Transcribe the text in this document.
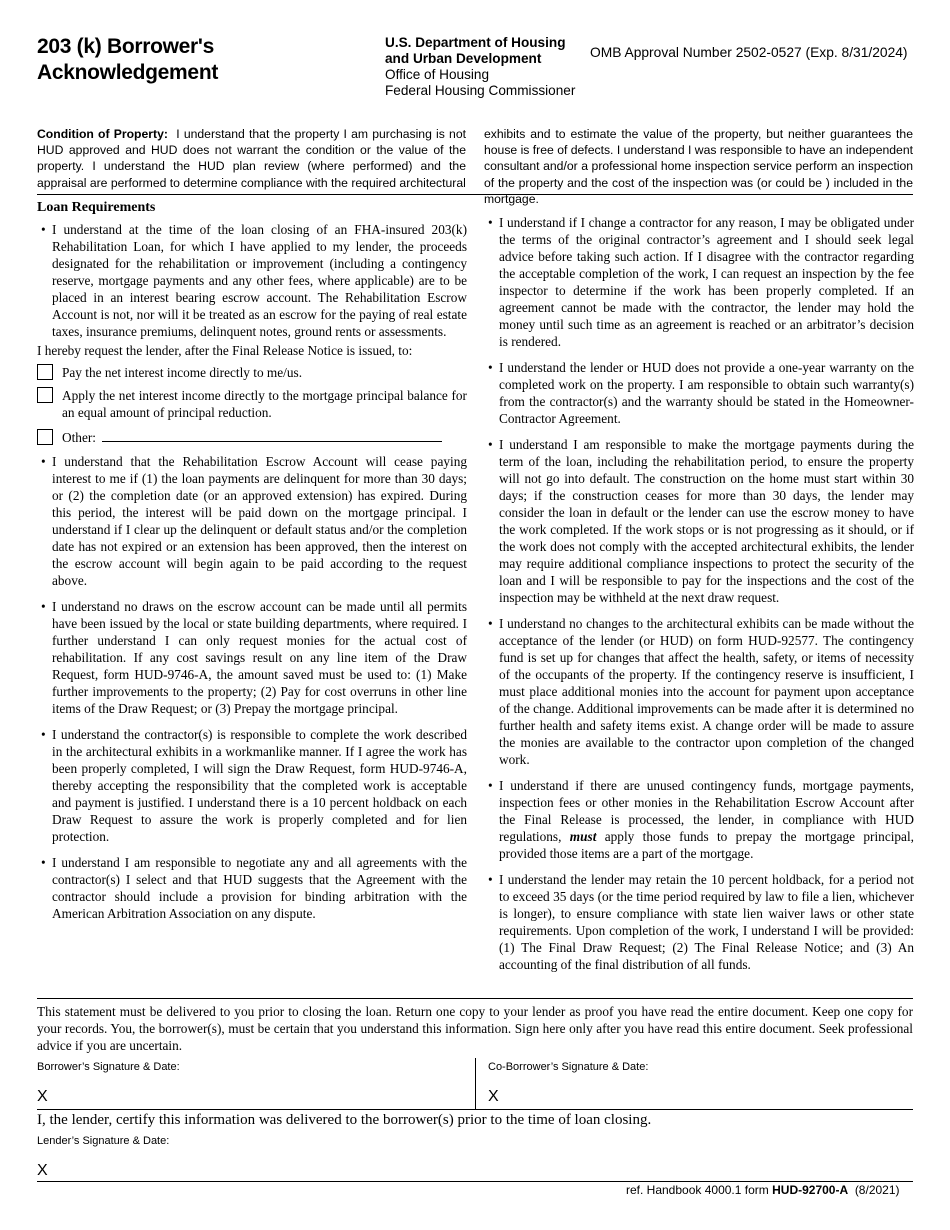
203 (k) Borrower's
Acknowledgement
U.S. Department of Housing
and Urban Development
Office of Housing
Federal Housing Commissioner
OMB Approval Number 2502-0527 (Exp. 8/31/2024)
Condition of Property: I understand that the property I am purchasing is not HUD approved and HUD does not warrant the condition or the value of the property. I understand the HUD plan review (where performed) and the appraisal are performed to determine compliance with the required architectural
exhibits and to estimate the value of the property, but neither guarantees the house is free of defects. I understand I was responsible to have an independent consultant and/or a professional home inspection service perform an inspection of the property and the cost of the inspection was (or could be ) included in the mortgage.
Loan Requirements
• I understand at the time of the loan closing of an FHA-insured 203(k) Rehabilitation Loan, for which I have applied to my lender, the proceeds designated for the rehabilitation or improvement (including a contingency reserve, mortgage payments and any other fees, where applicable) are to be placed in an interest bearing escrow account. The Rehabilitation Escrow Account is not, nor will it be treated as an escrow for the paying of real estate taxes, insurance premiums, delinquent notes, ground rents or assessments.
I hereby request the lender, after the Final Release Notice is issued, to:
Pay the net interest income directly to me/us.
Apply the net interest income directly to the mortgage principal balance for an equal amount of principal reduction.
Other:
• I understand that the Rehabilitation Escrow Account will cease paying interest to me if (1) the loan payments are delinquent for more than 30 days; or (2) the completion date (or an approved extension) has expired. During this period, the interest will be paid down on the mortgage principal. I understand if I clear up the delinquent or default status and/or the completion date has not expired or an extension has been approved, then the interest on the escrow account will begin again to be paid according to the request above.
• I understand no draws on the escrow account can be made until all permits have been issued by the local or state building departments, where required. I further understand I can only request monies for the actual cost of rehabilitation. If any cost savings result on any line item of the Draw Request, form HUD-9746-A, the amount saved must be used to: (1) Make further improvements to the property; (2) Pay for cost overruns in other line items of the Draw Request; or (3) Prepay the mortgage principal.
• I understand the contractor(s) is responsible to complete the work described in the architectural exhibits in a workmanlike manner. If I agree the work has been properly completed, I will sign the Draw Request, form HUD-9746-A, thereby accepting the responsibility that the completed work is acceptable and payment is justified. I understand there is a 10 percent holdback on each Draw Request to assure the work is properly completed and for lien protection.
• I understand I am responsible to negotiate any and all agreements with the contractor(s) I select and that HUD suggests that the Agreement with the contractor should include a provision for binding arbitration with the American Arbitration Association on any dispute.
• I understand if I change a contractor for any reason, I may be obligated under the terms of the original contractor’s agreement and I should seek legal advice before taking such action. If I disagree with the contractor regarding the acceptable completion of the work, I can request an inspection by the fee inspector to determine if the work has been properly completed. If an agreement cannot be made with the contractor, the lender may hold the money until such time as an agreement is reached or an arbitrator’s decision is rendered.
• I understand the lender or HUD does not provide a one-year warranty on the completed work on the property. I am responsible to obtain such warranty(s) from the contractor(s) and the warranty should be stated in the Homeowner-Contractor Agreement.
• I understand I am responsible to make the mortgage payments during the term of the loan, including the rehabilitation period, to ensure the property will not go into default. The construction on the home must start within 30 days; if the construction ceases for more than 30 days, the lender may consider the loan in default or the lender can use the escrow money to have the work completed. If the work stops or is not progressing as it should, or if the work does not comply with the accepted architectural exhibits, the lender may require additional compliance inspections to protect the security of the loan and I will be responsible to pay for the inspections and the cost of the inspection may be withheld at the next draw request.
• I understand no changes to the architectural exhibits can be made without the acceptance of the lender (or HUD) on form HUD-92577. The contingency fund is set up for changes that affect the health, safety, or items of necessity of the occupants of the property. If the contingency reserve is insufficient, I must place additional monies into the account for payment upon acceptance of the change. Additional improvements can be made after it is determined no further health and safety items exist. A change order will be made to assure the monies are available to the contractor upon completion of the changed work.
• I understand if there are unused contingency funds, mortgage payments, inspection fees or other monies in the Rehabilitation Escrow Account after the Final Release is processed, the lender, in compliance with HUD regulations, must apply those funds to prepay the mortgage principal, provided those items are a part of the mortgage.
• I understand the lender may retain the 10 percent holdback, for a period not to exceed 35 days (or the time period required by law to file a lien, whichever is longer), to ensure compliance with state lien waiver laws or other state requirements. Upon completion of the work, I understand I will be provided: (1) The Final Draw Request; (2) The Final Release Notice; and (3) An accounting of the final distribution of all funds.
This statement must be delivered to you prior to closing the loan. Return one copy to your lender as proof you have read the entire document. Keep one copy for your records. You, the borrower(s), must be certain that you understand this information. Sign here only after you have read this entire document. Seek professional advice if you are uncertain.
Borrower’s Signature & Date:
X
Co-Borrower’s Signature & Date:
X
I, the lender, certify this information was delivered to the borrower(s) prior to the time of loan closing.
Lender’s Signature & Date:
X
ref. Handbook 4000.1 form HUD-92700-A (8/2021)
